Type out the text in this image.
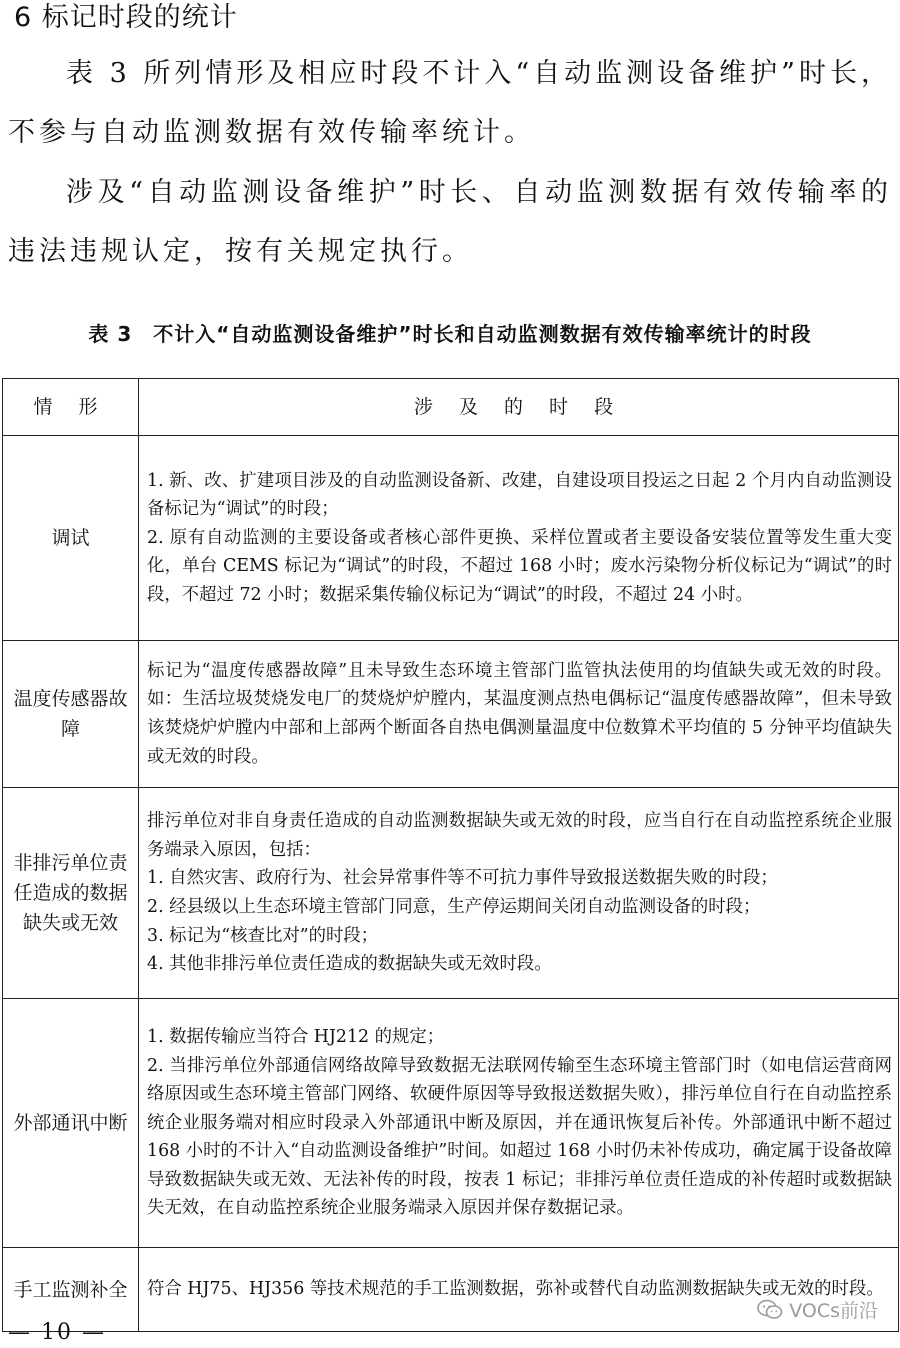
6 标记时段的统计
表 3 所列情形及相应时段不计入“自动监测设备维护”时长，不参与自动监测数据有效传输率统计。
涉及“自动监测设备维护”时长、自动监测数据有效传输率的违法违规认定，按有关规定执行。
表 3　不计入“自动监测设备维护”时长和自动监测数据有效传输率统计的时段
情 形	涉 及 的 时 段
调试	1. 新、改、扩建项目涉及的自动监测设备新、改建，自建设项目投运之日起 2 个月内自动监测设备标记为“调试”的时段；
2. 原有自动监测的主要设备或者核心部件更换、采样位置或者主要设备安装位置等发生重大变化，单台 CEMS 标记为“调试”的时段，不超过 168 小时；废水污染物分析仪标记为“调试”的时段，不超过 72 小时；数据采集传输仪标记为“调试”的时段，不超过 24 小时。

温度传感器故障	标记为“温度传感器故障”且未导致生态环境主管部门监管执法使用的均值缺失或无效的时段。如：生活垃圾焚烧发电厂的焚烧炉炉膛内，某温度测点热电偶标记“温度传感器故障”，但未导致该焚烧炉炉膛内中部和上部两个断面各自热电偶测量温度中位数算术平均值的 5 分钟平均值缺失或无效的时段。

非排污单位责任造成的数据缺失或无效	排污单位对非自身责任造成的自动监测数据缺失或无效的时段，应当自行在自动监控系统企业服务端录入原因，包括：
1. 自然灾害、政府行为、社会异常事件等不可抗力事件导致报送数据失败的时段；
2. 经县级以上生态环境主管部门同意，生产停运期间关闭自动监测设备的时段；
3. 标记为“核查比对”的时段；
4. 其他非排污单位责任造成的数据缺失或无效时段。

外部通讯中断	1. 数据传输应当符合 HJ212 的规定；
2. 当排污单位外部通信网络故障导致数据无法联网传输至生态环境主管部门时（如电信运营商网络原因或生态环境主管部门网络、软硬件原因等导致报送数据失败），排污单位自行在自动监控系统企业服务端对相应时段录入外部通讯中断及原因，并在通讯恢复后补传。外部通讯中断不超过 168 小时的不计入“自动监测设备维护”时间。如超过 168 小时仍未补传成功，确定属于设备故障导致数据缺失或无效、无法补传的时段，按表 1 标记；非排污单位责任造成的补传超时或数据缺失无效，在自动监控系统企业服务端录入原因并保存数据记录。

手工监测补全	符合 HJ75、HJ356 等技术规范的手工监测数据，弥补或替代自动监测数据缺失或无效的时段。
— 10 —
VOCs前沿
